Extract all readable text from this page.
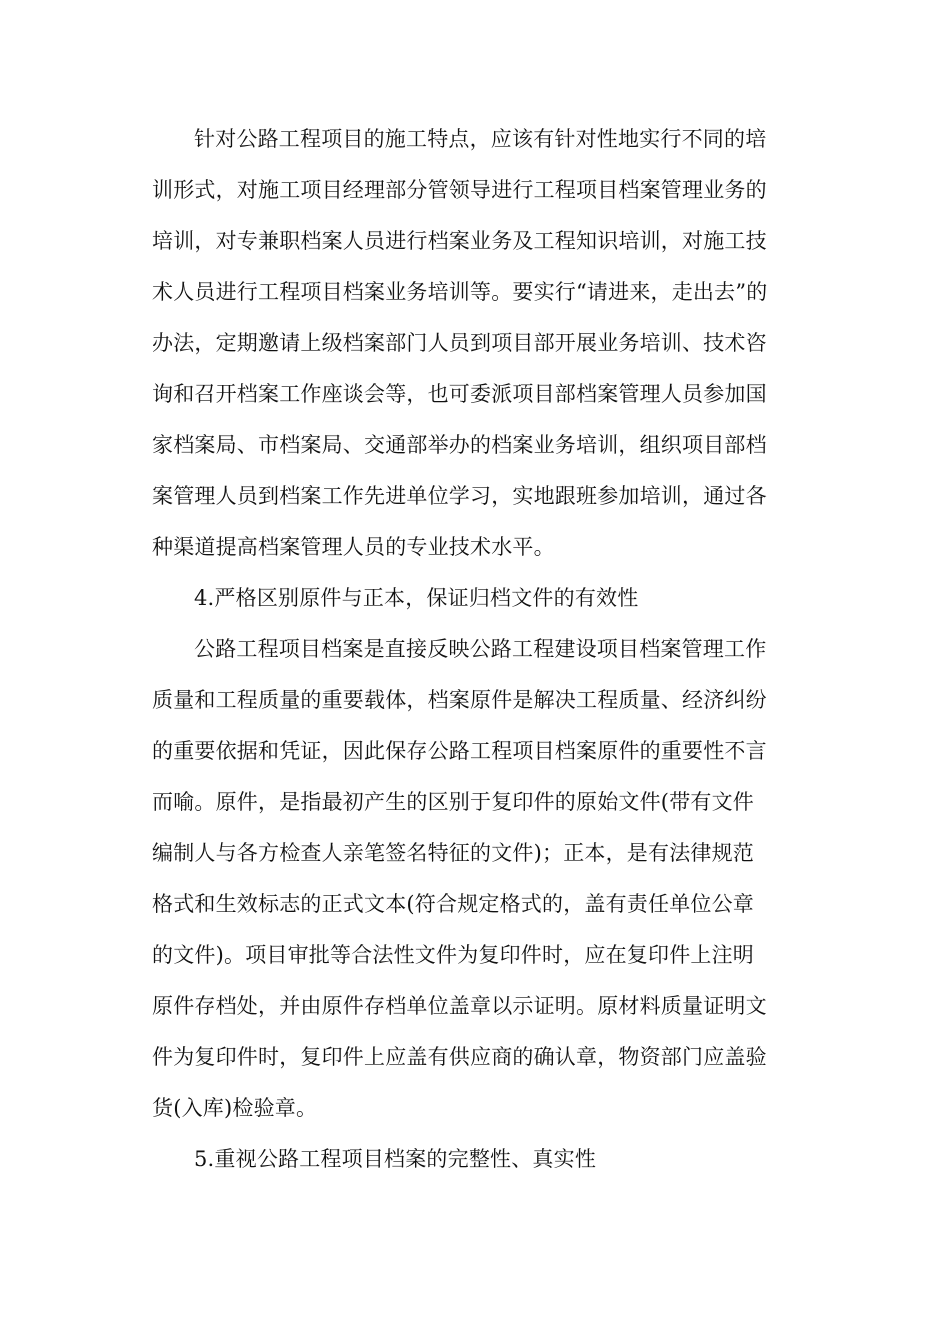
针对公路工程项目的施工特点，应该有针对性地实行不同的培
训形式，对施工项目经理部分管领导进行工程项目档案管理业务的
培训，对专兼职档案人员进行档案业务及工程知识培训，对施工技
术人员进行工程项目档案业务培训等。要实行“请进来，走出去”的
办法，定期邀请上级档案部门人员到项目部开展业务培训、技术咨
询和召开档案工作座谈会等，也可委派项目部档案管理人员参加国
家档案局、市档案局、交通部举办的档案业务培训，组织项目部档
案管理人员到档案工作先进单位学习，实地跟班参加培训，通过各
种渠道提高档案管理人员的专业技术水平。
4.严格区别原件与正本，保证归档文件的有效性
公路工程项目档案是直接反映公路工程建设项目档案管理工作
质量和工程质量的重要载体，档案原件是解决工程质量、经济纠纷
的重要依据和凭证，因此保存公路工程项目档案原件的重要性不言
而喻。原件，是指最初产生的区别于复印件的原始文件(带有文件
编制人与各方检查人亲笔签名特征的文件)；正本，是有法律规范
格式和生效标志的正式文本(符合规定格式的，盖有责任单位公章
的文件)。项目审批等合法性文件为复印件时，应在复印件上注明
原件存档处，并由原件存档单位盖章以示证明。原材料质量证明文
件为复印件时，复印件上应盖有供应商的确认章，物资部门应盖验
货(入库)检验章。
5.重视公路工程项目档案的完整性、真实性
